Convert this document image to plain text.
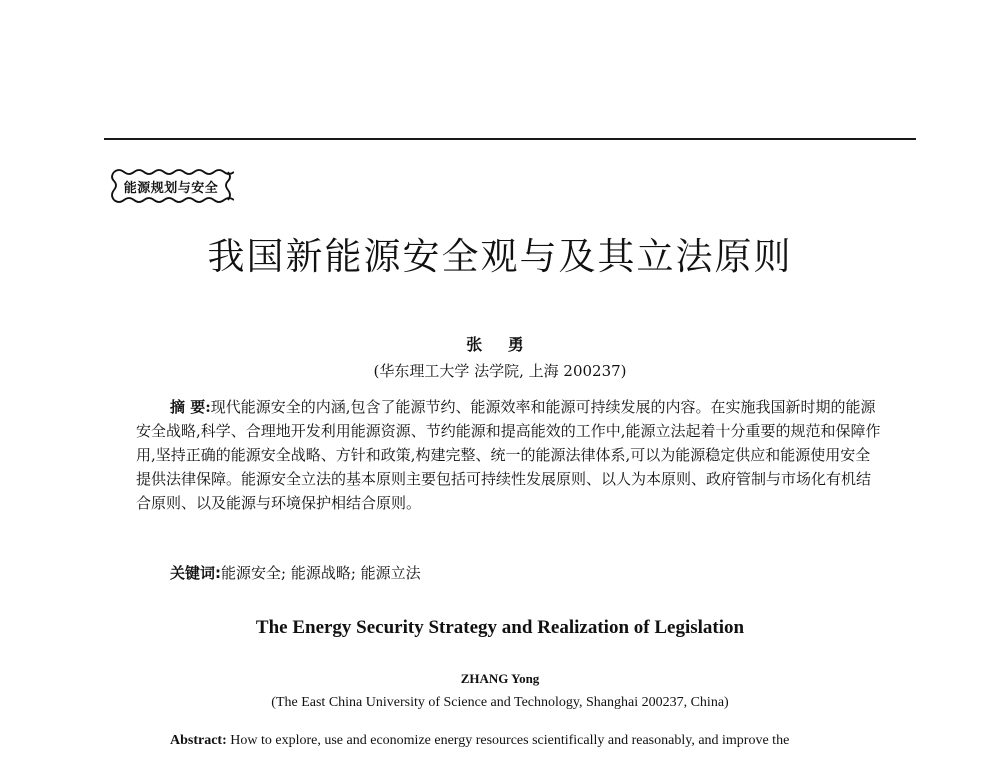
能源规划与安全
我国新能源安全观与及其立法原则
张 勇
(华东理工大学 法学院, 上海 200237)

摘 要:现代能源安全的内涵,包含了能源节约、能源效率和能源可持续发展的内容。在实施我国新时期的能源安全战略,科学、合理地开发利用能源资源、节约能源和提高能效的工作中,能源立法起着十分重要的规范和保障作用,坚持正确的能源安全战略、方针和政策,构建完整、统一的能源法律体系,可以为能源稳定供应和能源使用安全提供法律保障。能源安全立法的基本原则主要包括可持续性发展原则、以人为本原则、政府管制与市场化有机结合原则、以及能源与环境保护相结合原则。

关键词:能源安全; 能源战略; 能源立法
The Energy Security Strategy and Realization of Legislation
ZHANG Yong
(The East China University of Science and Technology, Shanghai 200237, China)
Abstract: How to explore, use and economize energy resources scientifically and reasonably, and improve the
